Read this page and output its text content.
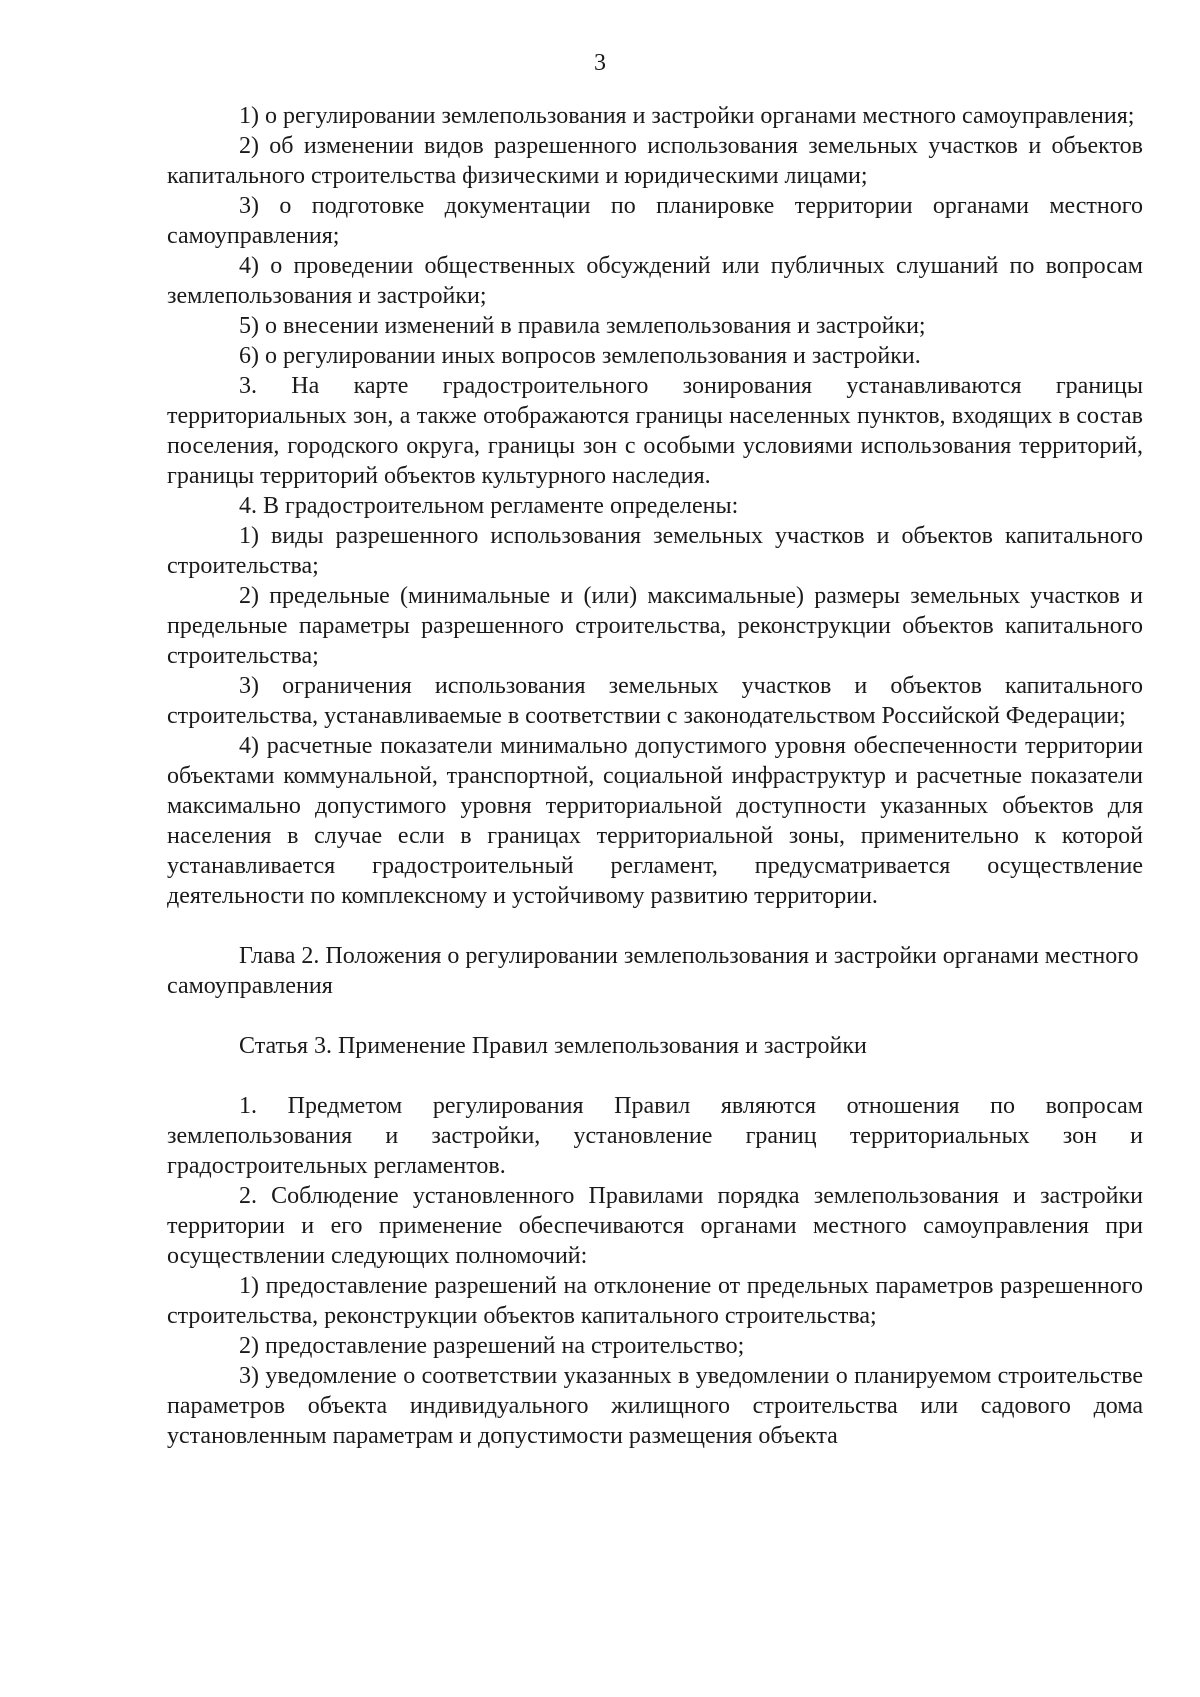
3

1) о регулировании землепользования и застройки органами местного самоуправления;

2) об изменении видов разрешенного использования земельных участков и объектов капитального строительства физическими и юридическими лицами;

3) о подготовке документации по планировке территории органами местного самоуправления;

4) о проведении общественных обсуждений или публичных слушаний по вопросам землепользования и застройки;

5) о внесении изменений в правила землепользования и застройки;

6) о регулировании иных вопросов землепользования и застройки.

3. На карте градостроительного зонирования устанавливаются границы территориальных зон, а также отображаются границы населенных пунктов, входящих в состав поселения, городского округа, границы зон с особыми условиями использования территорий, границы территорий объектов культурного наследия.

4. В градостроительном регламенте определены:

1) виды разрешенного использования земельных участков и объектов капитального строительства;

2) предельные (минимальные и (или) максимальные) размеры земельных участков и предельные параметры разрешенного строительства, реконструкции объектов капитального строительства;

3) ограничения использования земельных участков и объектов капитального строительства, устанавливаемые в соответствии с законодательством Российской Федерации;

4) расчетные показатели минимально допустимого уровня обеспеченности территории объектами коммунальной, транспортной, социальной инфраструктур и расчетные показатели максимально допустимого уровня территориальной доступности указанных объектов для населения в случае если в границах территориальной зоны, применительно к которой устанавливается градостроительный регламент, предусматривается осуществление деятельности по комплексному и устойчивому развитию территории.

Глава 2. Положения о регулировании землепользования и застройки органами местного самоуправления

Статья 3. Применение Правил землепользования и застройки

1. Предметом регулирования Правил являются отношения по вопросам землепользования и застройки, установление границ территориальных зон и градостроительных регламентов.

2. Соблюдение установленного Правилами порядка землепользования и застройки территории и его применение обеспечиваются органами местного самоуправления при осуществлении следующих полномочий:

1) предоставление разрешений на отклонение от предельных параметров разрешенного строительства, реконструкции объектов капитального строительства;

2) предоставление разрешений на строительство;

3) уведомление о соответствии указанных в уведомлении о планируемом строительстве параметров объекта индивидуального жилищного строительства или садового дома установленным параметрам и допустимости размещения объекта
